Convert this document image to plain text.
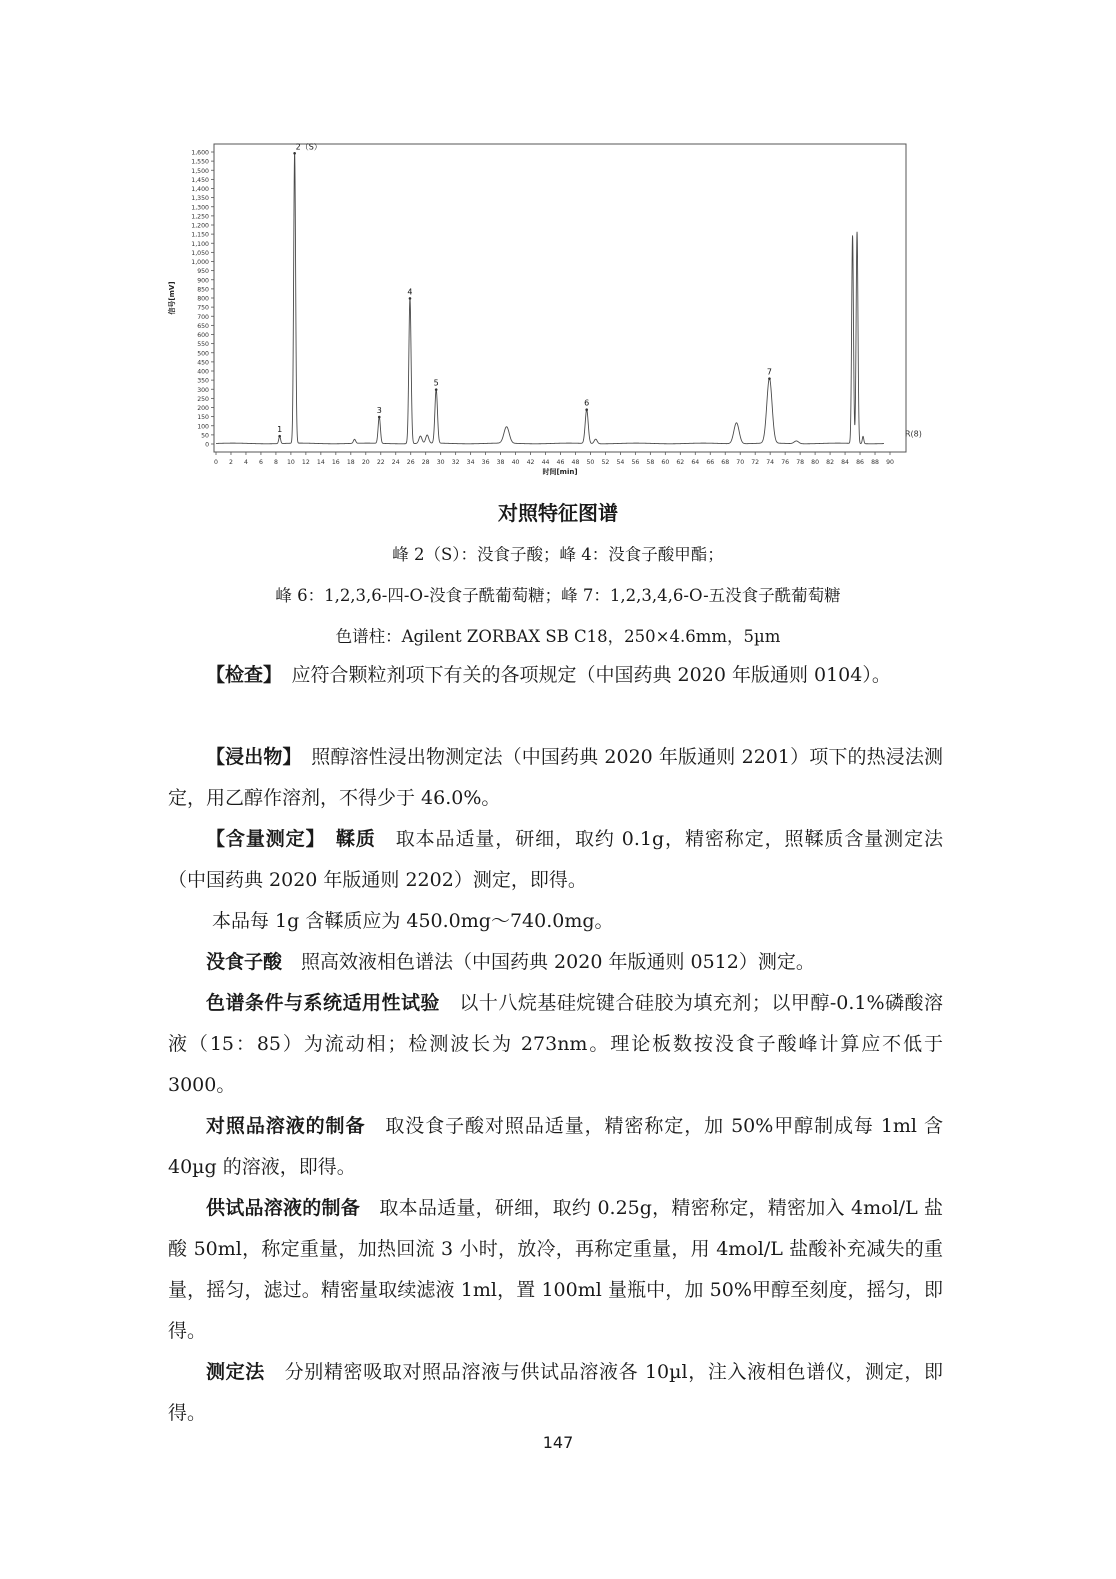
0
50
100
150
200
250
300
350
400
450
500
550
600
650
700
750
800
850
900
950
1,000
1,050
1,100
1,150
1,200
1,250
1,300
1,350
1,400
1,450
1,500
1,550
1,600
0 2 4 6 8 10 12 14 16 18 20 22 24 26 28 30 32 34 36 38 40 42 44 46 48 50 52 54 56 58 60 62 64 66 68 70 72 74 76 78 80 82 84 86 88 90
时间[min]
信号[mV]
1
2（S）
3
4
5
6
7
R(8)
对照特征图谱
峰 2（S）：没食子酸；峰 4：没食子酸甲酯；
峰 6：1,2,3,6-四-O-没食子酰葡萄糖；峰 7：1,2,3,4,6-O-五没食子酰葡萄糖
色谱柱：Agilent ZORBAX SB C18，250×4.6mm，5µm
【检查】　应符合颗粒剂项下有关的各项规定（中国药典 2020 年版通则 0104）。
【浸出物】　照醇溶性浸出物测定法（中国药典 2020 年版通则 2201）项下的热浸法测定，用乙醇作溶剂，不得少于 46.0%。
【含量测定】　鞣质　取本品适量，研细，取约 0.1g，精密称定，照鞣质含量测定法（中国药典 2020 年版通则 2202）测定，即得。
本品每 1g 含鞣质应为 450.0mg～740.0mg。
没食子酸　照高效液相色谱法（中国药典 2020 年版通则 0512）测定。
色谱条件与系统适用性试验　以十八烷基硅烷键合硅胶为填充剂；以甲醇-0.1%磷酸溶液（15：85）为流动相；检测波长为 273nm。理论板数按没食子酸峰计算应不低于 3000。
对照品溶液的制备　取没食子酸对照品适量，精密称定，加 50%甲醇制成每 1ml 含 40µg 的溶液，即得。
供试品溶液的制备　取本品适量，研细，取约 0.25g，精密称定，精密加入 4mol/L 盐酸 50ml，称定重量，加热回流 3 小时，放冷，再称定重量，用 4mol/L 盐酸补充减失的重量，摇匀，滤过。精密量取续滤液 1ml，置 100ml 量瓶中，加 50%甲醇至刻度，摇匀，即得。
测定法　分别精密吸取对照品溶液与供试品溶液各 10µl，注入液相色谱仪，测定，即得。
147
